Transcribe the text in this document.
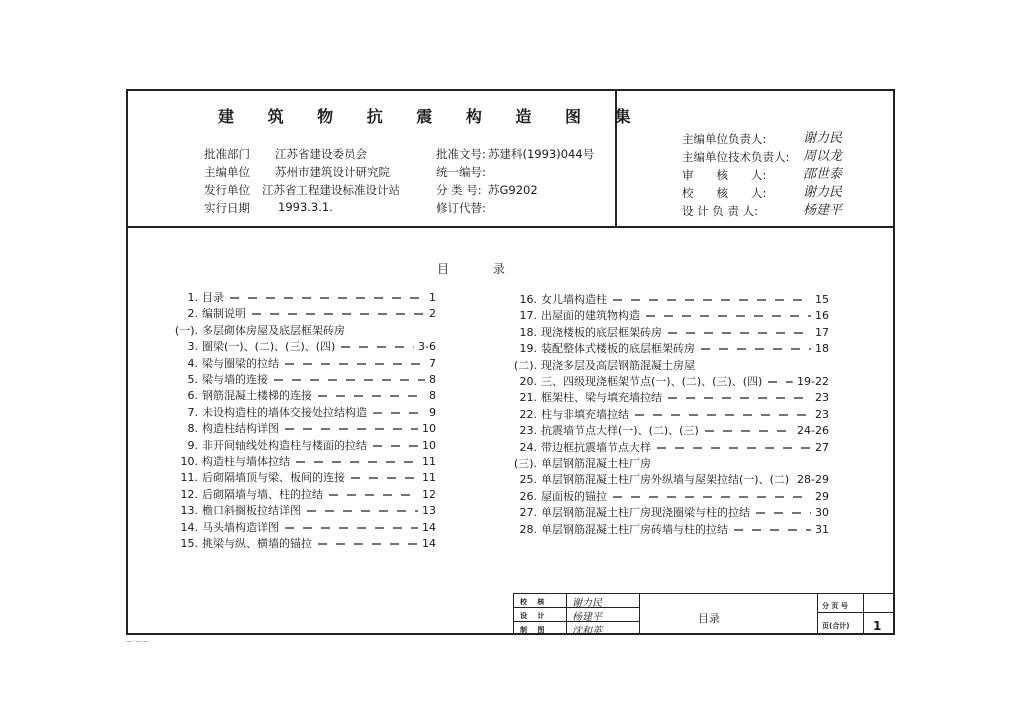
建 筑 物 抗 震 构 造 图 集
批准部门 江苏省建设委员会
主编单位 苏州市建筑设计研究院
发行单位 江苏省工程建设标准设计站
实行日期 1993.3.1.
批准文号: 苏建科(1993)044号
统一编号:
分 类 号: 苏G9202
修订代替:
主编单位负责人:	谢力民
主编单位技术负责人: 周以龙
审　　核　　人:	邵世泰
校　　核　　人:	谢力民
设 计 负 责 人:	杨建平
目 录
校 核 谢力民
设 计 杨建平
制 图 沈和英
目录
分 页 号
页(合计) 1
—·——
1. 目录	1
2. 编制说明	2
(一). 多层砌体房屋及底层框架砖房
3. 圈梁(一)、(二)、(三)、(四)	3-6
4. 梁与圈梁的拉结	7
5. 梁与墙的连接	8
6. 钢筋混凝土楼梯的连接	8
7. 未设构造柱的墙体交接处拉结构造	9
8. 构造柱结构详图	10
9. 非开间轴线处构造柱与楼面的拉结	10
10. 构造柱与墙体拉结	11
11. 后砌隔墙顶与梁、板间的连接	11
12. 后砌隔墙与墙、柱的拉结	12
13. 檐口斜搁板拉结详图	13
14. 马头墙构造详图	14
15. 挑梁与纵、横墙的锚拉	14
16. 女儿墙构造柱	15
17. 出屋面的建筑物构造	16
18. 现浇楼板的底层框架砖房	17
19. 装配整体式楼板的底层框架砖房	18
(二). 现浇多层及高层钢筋混凝土房屋
20. 三、四级现浇框架节点(一)、(二)、(三)、(四)	19-22
21. 框架柱、梁与填充墙拉结	23
22. 柱与非填充墙拉结	23
23. 抗震墙节点大样(一)、(二)、(三)	24-26
24. 带边框抗震墙节点大样	27
(三). 单层钢筋混凝土柱厂房
25. 单层钢筋混凝土柱厂房外纵墙与屋架拉结(一)、(二) 28-29
26. 屋面板的锚拉	29
27. 单层钢筋混凝土柱厂房现浇圈梁与柱的拉结	30
28. 单层钢筋混凝土柱厂房砖墙与柱的拉结	31
